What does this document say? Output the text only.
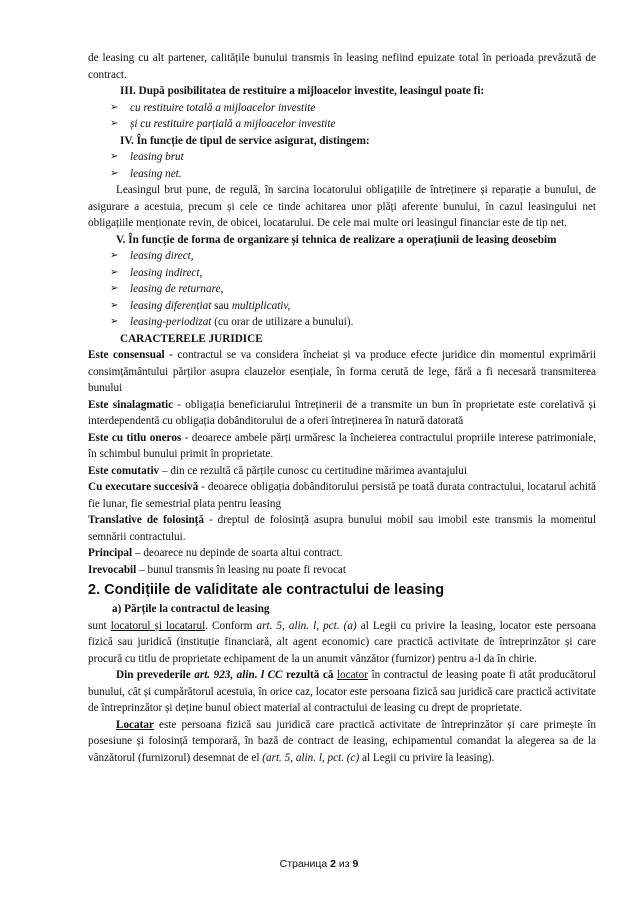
de leasing cu alt partener, calitățile bunului transmis în leasing nefiind epuizate total în perioada prevăzută de contract.

III. După posibilitatea de restituire a mijloacelor investite, leasingul poate fi:

➢ cu restituire totală a mijloacelor investite
➢ și cu restituire parțială a mijloacelor investite

IV. În funcție de tipul de service asigurat, distingem:

➢ leasing brut
➢ leasing net.

Leasingul brut pune, de regulă, în sarcina locatorului obligațiile de întreținere și reparație a bunului, de asigurare a acestuia, precum și cele ce tinde achitarea unor plăți aferente bunului, în cazul leasingului net obligațiile menționate revin, de obicei, locatarului. De cele mai multe ori leasingul financiar este de tip net.

V. În funcție de forma de organizare și tehnica de realizare a operațiunii de leasing deosebim

➢ leasing direct,
➢ leasing indirect,
➢ leasing de returnare,
➢ leasing diferențiat sau multiplicativ,
➢ leasing-periodizat (cu orar de utilizare a bunului).

CARACTERELE JURIDICE

Este consensual - contractul se va considera încheiat și va produce efecte juridice din momentul exprimării consimțământului părților asupra clauzelor esențiale, în forma cerută de lege, fără a fi necesară transmiterea bunului

Este sinalagmatic - obligația beneficiarului întreținerii de a transmite un bun în proprietate este corelativă și interdependentă cu obligația dobânditorului de a oferi întreținerea în natură datorată

Este cu titlu oneros - deoarece ambele părți urmăresc la încheierea contractului propriile interese patrimoniale, în schimbul bunului primit în proprietate.

Este comutativ – din ce rezultă că părțile cunosc cu certitudine mărimea avantajului

Cu executare succesivă - deoarece obligația dobânditorului persistă pe toată durata contractului, locatarul achită fie lunar, fie semestrial plata pentru leasing

Translative de folosință - dreptul de folosință asupra bunului mobil sau imobil este transmis la momentul semnării contractului.

Principal – deoarece nu depinde de soarta altui contract.

Irevocabil – bunul transmis în leasing nu poate fi revocat

2. Condițiile de validitate ale contractului de leasing

a) Părțile la contractul de leasing

sunt locatorul și locatarul. Conform art. 5, alin. l, pct. (a) al Legii cu privire la leasing, locator este persoana fizică sau juridică (instituție financiară, alt agent economic) care practică activitate de întreprinzător și care procură cu titlu de proprietate echipament de la un anumit vânzător (furnizor) pentru a-l da în chirie.

Din prevederile art. 923, alin. l CC rezultă că locator în contractul de leasing poate fi atât producătorul bunului, cât și cumpărătorul acestuia, în orice caz, locator este persoana fizică sau juridică care practică activitate de întreprinzător și deține bunul obiect material al contractului de leasing cu drept de proprietate.

Locatar este persoana fizică sau juridică care practică activitate de întreprinzător și care primește în posesiune și folosință temporară, în bază de contract de leasing, echipamentul comandat la alegerea sa de la vânzătorul (furnizorul) desemnat de el (art. 5, alin. l, pct. (c) al Legii cu privire la leasing).

Страница 2 из 9
